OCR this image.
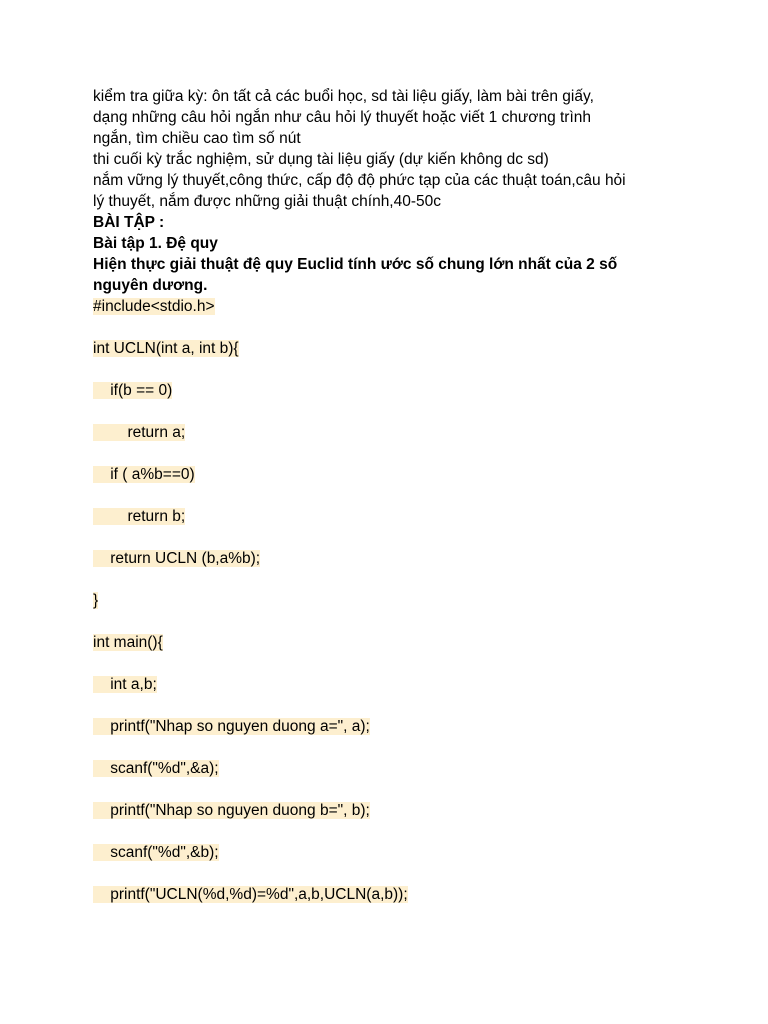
kiểm tra giữa kỳ: ôn tất cả các buổi học, sd tài liệu giấy, làm bài trên giấy,

dạng những câu hỏi ngắn như câu hỏi lý thuyết hoặc viết 1 chương trình

ngắn, tìm chiều cao tìm số nút

thi cuối kỳ trắc nghiệm, sử dụng tài liệu giấy (dự kiến không dc sd)

nắm vững lý thuyết,công thức, cấp độ độ phức tạp của các thuật toán,câu hỏi

lý thuyết, nắm được những giải thuật chính,40-50c

BÀI TẬP :

Bài tập 1. Đệ quy

Hiện thực giải thuật đệ quy Euclid tính ước số chung lớn nhất của 2 số

nguyên dương.

#include<stdio.h>

int UCLN(int a, int b){

if(b == 0)

return a;

if ( a%b==0)

return b;

return UCLN (b,a%b);

}

int main(){

int a,b;

printf("Nhap so nguyen duong a=", a);

scanf("%d",&a);

printf("Nhap so nguyen duong b=", b);

scanf("%d",&b);

printf("UCLN(%d,%d)=%d",a,b,UCLN(a,b));
